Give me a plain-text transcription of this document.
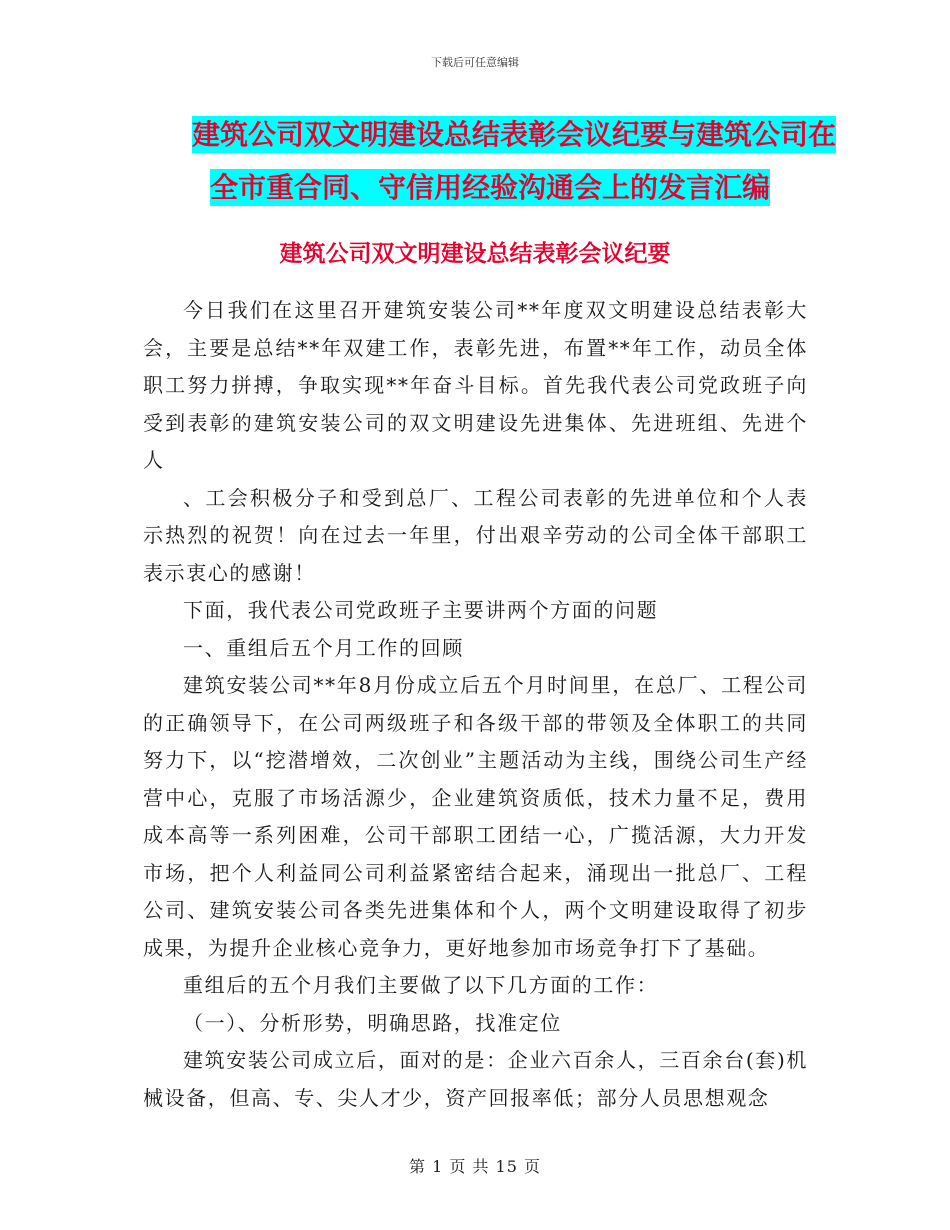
下载后可任意编辑
建筑公司双文明建设总结表彰会议纪要与建筑公司在
全市重合同、守信用经验沟通会上的发言汇编
建筑公司双文明建设总结表彰会议纪要

今日我们在这里召开建筑安装公司**年度双文明建设总结表彰大会，主要是总结**年双建工作，表彰先进，布置**年工作，动员全体职工努力拼搏，争取实现**年奋斗目标。首先我代表公司党政班子向受到表彰的建筑安装公司的双文明建设先进集体、先进班组、先进个人

、工会积极分子和受到总厂、工程公司表彰的先进单位和个人表示热烈的祝贺！向在过去一年里，付出艰辛劳动的公司全体干部职工表示衷心的感谢！

下面，我代表公司党政班子主要讲两个方面的问题

一、重组后五个月工作的回顾

建筑安装公司**年8月份成立后五个月时间里，在总厂、工程公司的正确领导下，在公司两级班子和各级干部的带领及全体职工的共同努力下，以“挖潜增效，二次创业”主题活动为主线，围绕公司生产经营中心，克服了市场活源少，企业建筑资质低，技术力量不足，费用成本高等一系列困难，公司干部职工团结一心，广揽活源，大力开发市场，把个人利益同公司利益紧密结合起来，涌现出一批总厂、工程公司、建筑安装公司各类先进集体和个人，两个文明建设取得了初步成果，为提升企业核心竞争力，更好地参加市场竞争打下了基础。

重组后的五个月我们主要做了以下几方面的工作：

（一）、分析形势，明确思路，找准定位

建筑安装公司成立后，面对的是：企业六百余人，三百余台(套)机械设备，但高、专、尖人才少，资产回报率低；部分人员思想观念

第 1 页 共 15 页
